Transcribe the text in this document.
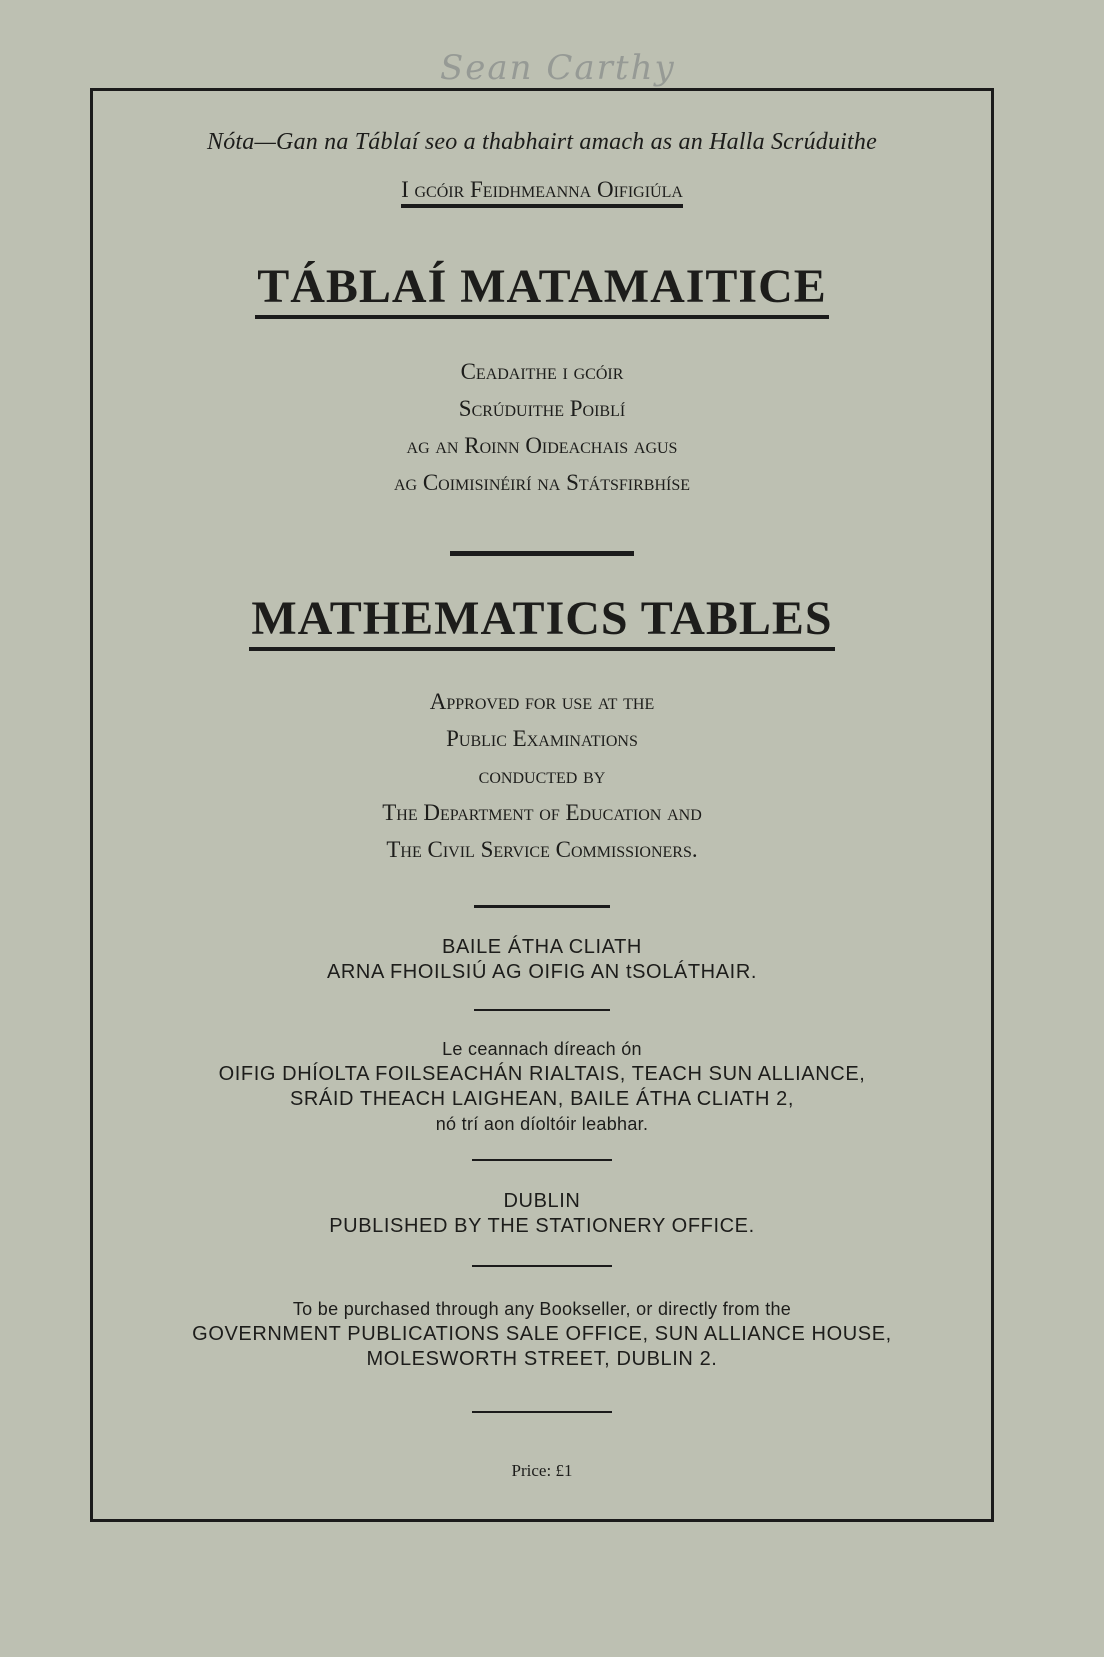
Sean Carthy
Nóta—Gan na Táblaí seo a thabhairt amach as an Halla Scrúduithe
I gcóir Feidhmeanna Oifigiúla
TÁBLAÍ MATAMAITICE
Ceadaithe i gcóir
Scrúduithe Poiblí
ag an Roinn Oideachais agus
ag Coimisinéirí na Státsfirbhíse
MATHEMATICS TABLES
Approved for use at the
Public Examinations
conducted by
The Department of Education and
The Civil Service Commissioners.
BAILE ÁTHA CLIATH
ARNA FHOILSIÚ AG OIFIG AN tSOLÁTHAIR.
Le ceannach díreach ón
OIFIG DHÍOLTA FOILSEACHÁN RIALTAIS, TEACH SUN ALLIANCE,
SRÁID THEACH LAIGHEAN, BAILE ÁTHA CLIATH 2,
nó trí aon díoltóir leabhar.
DUBLIN
PUBLISHED BY THE STATIONERY OFFICE.
To be purchased through any Bookseller, or directly from the
GOVERNMENT PUBLICATIONS SALE OFFICE, SUN ALLIANCE HOUSE,
MOLESWORTH STREET, DUBLIN 2.
Price: £1
